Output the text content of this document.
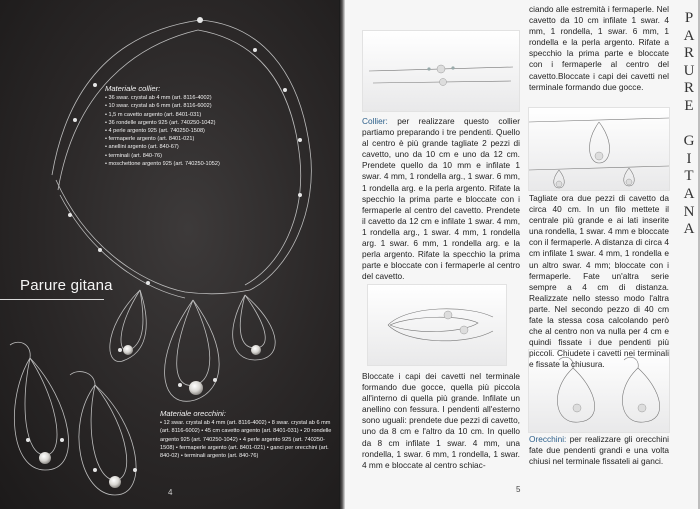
Materiale collier:
• 36 swar. crystal ab 4 mm (art. 8116-4002)
• 10 swar. crystal ab 6 mm (art. 8116-6002)
• 1,5 m cavetto argento (art. 8401-031)
• 36 rondelle argento 925 (art. 740250-1042)
• 4 perle argento 925 (art. 740250-1508)
• fermaperle argento (art. 8401-021)
• anellini argento (art. 840-67)
• terminali (art. 840-76)
• moschettone argento 925 (art. 740250-1052)
Parure gitana
Materiale orecchini:

• 12 swar. crystal ab 4 mm (art. 8116-4002) • 8 swar. crystal ab 6 mm (art. 8116-6002) • 45 cm cavetto argento (art. 8401-031) • 20 rondelle argento 925 (art. 740250-1042) • 4 perle argento 925 (art. 740250-1508) • fermaperle argento (art. 8401-021) • ganci per orecchini (art. 840-02) • terminali argento (art. 840-76)

4
Collier: per realizzare questo collier partiamo preparando i tre pendenti. Quello al centro è più grande tagliate 2 pezzi di cavetto, uno da 10 cm e uno da 12 cm. Prendete quello da 10 mm e infilate 1 swar. 4 mm, 1 rondella arg., 1 swar. 6 mm, 1 rondella arg. e la perla argento. Rifate la specchio la prima parte e bloccate con i fermaperle al centro del cavetto. Prendete il cavetto da 12 cm e infilate 1 swar. 4 mm, 1 rondella arg., 1 swar. 4 mm, 1 rondella arg. 1 swar. 6 mm, 1 rondella arg. e la perla argento. Rifate la specchio la prima parte e bloccate con i fermaperle al centro del cavetto.
Bloccate i capi dei cavetti nel terminale formando due gocce, quella più piccola all'interno di quella più grande. Infilate un anellino con fessura. I pendenti all'esterno sono uguali: prendete due pezzi di cavetto, uno da 8 cm e l'altro da 10 cm. In quello da 8 cm infilate 1 swar. 4 mm, una rondella, 1 swar. 6 mm, 1 rondella, 1 swar. 4 mm e bloccate al centro schiac-
ciando alle estremità i fermaperle. Nel cavetto da 10 cm infilate 1 swar. 4 mm, 1 rondella, 1 swar. 6 mm, 1 rondella e la perla argento. Rifate a specchio la prima parte e bloccate con i fermaperle al centro del cavetto.Bloccate i capi dei cavetti nel terminale formando due gocce.
Tagliate ora due pezzi di cavetto da circa 40 cm. In un filo mettete il centrale più grande e ai lati inserite una rondella, 1 swar. 4 mm e bloccate con il fermaperle. A distanza di circa 4 cm infilate 1 swar. 4 mm, 1 rondella e un altro swar. 4 mm; bloccate con i fermaperle. Fate un'altra serie sempre a 4 cm di distanza. Realizzate nello stesso modo l'altra parte. Nel secondo pezzo di 40 cm fate la stessa cosa calcolando però che al centro non va nulla per 4 cm e quindi fissate i due pendenti più piccoli. Chiudete i cavetti nei terminali e fissate la chiusura.
Orecchini: per realizzare gli orecchini fate due pendenti grandi e una volta chiusi nel terminale fissateli ai ganci.
P
A
R
U
R
E
G
I
T
A
N
A
5
